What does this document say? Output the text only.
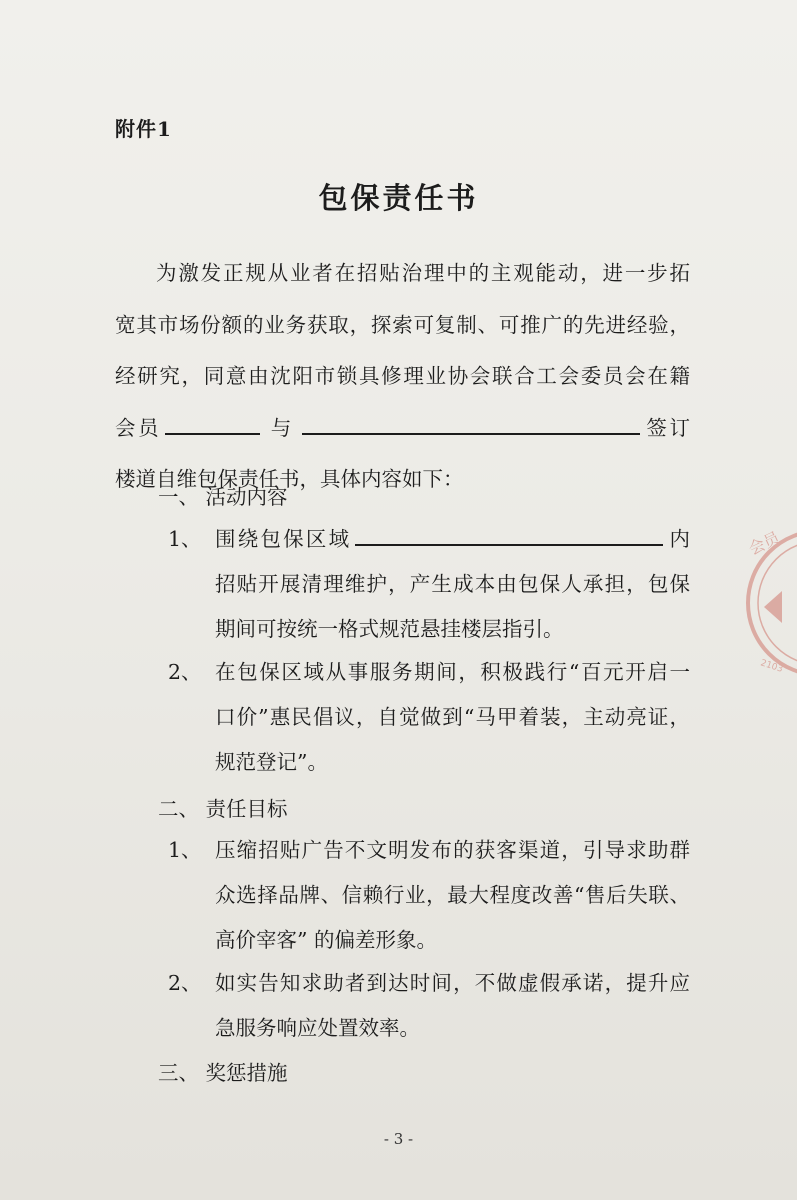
附件1
包保责任书
为激发正规从业者在招贴治理中的主观能动，进一步拓
宽其市场份额的业务获取，探索可复制、可推广的先进经验，
经研究，同意由沈阳市锁具修理业协会联合工会委员会在籍
会员	与	签订
楼道自维包保责任书，具体内容如下：
一、 活动内容
1、 围绕包保区域	内
招贴开展清理维护，产生成本由包保人承担，包保
期间可按统一格式规范悬挂楼层指引。
2、 在包保区域从事服务期间，积极践行“百元开启一
口价”惠民倡议，自觉做到“马甲着装，主动亮证，
规范登记”。
二、 责任目标
1、 压缩招贴广告不文明发布的获客渠道，引导求助群
众选择品牌、信赖行业，最大程度改善“售后失联、
高价宰客” 的偏差形象。
2、 如实告知求助者到达时间，不做虚假承诺，提升应
急服务响应处置效率。
三、 奖惩措施
- 3 -
会员
2103
